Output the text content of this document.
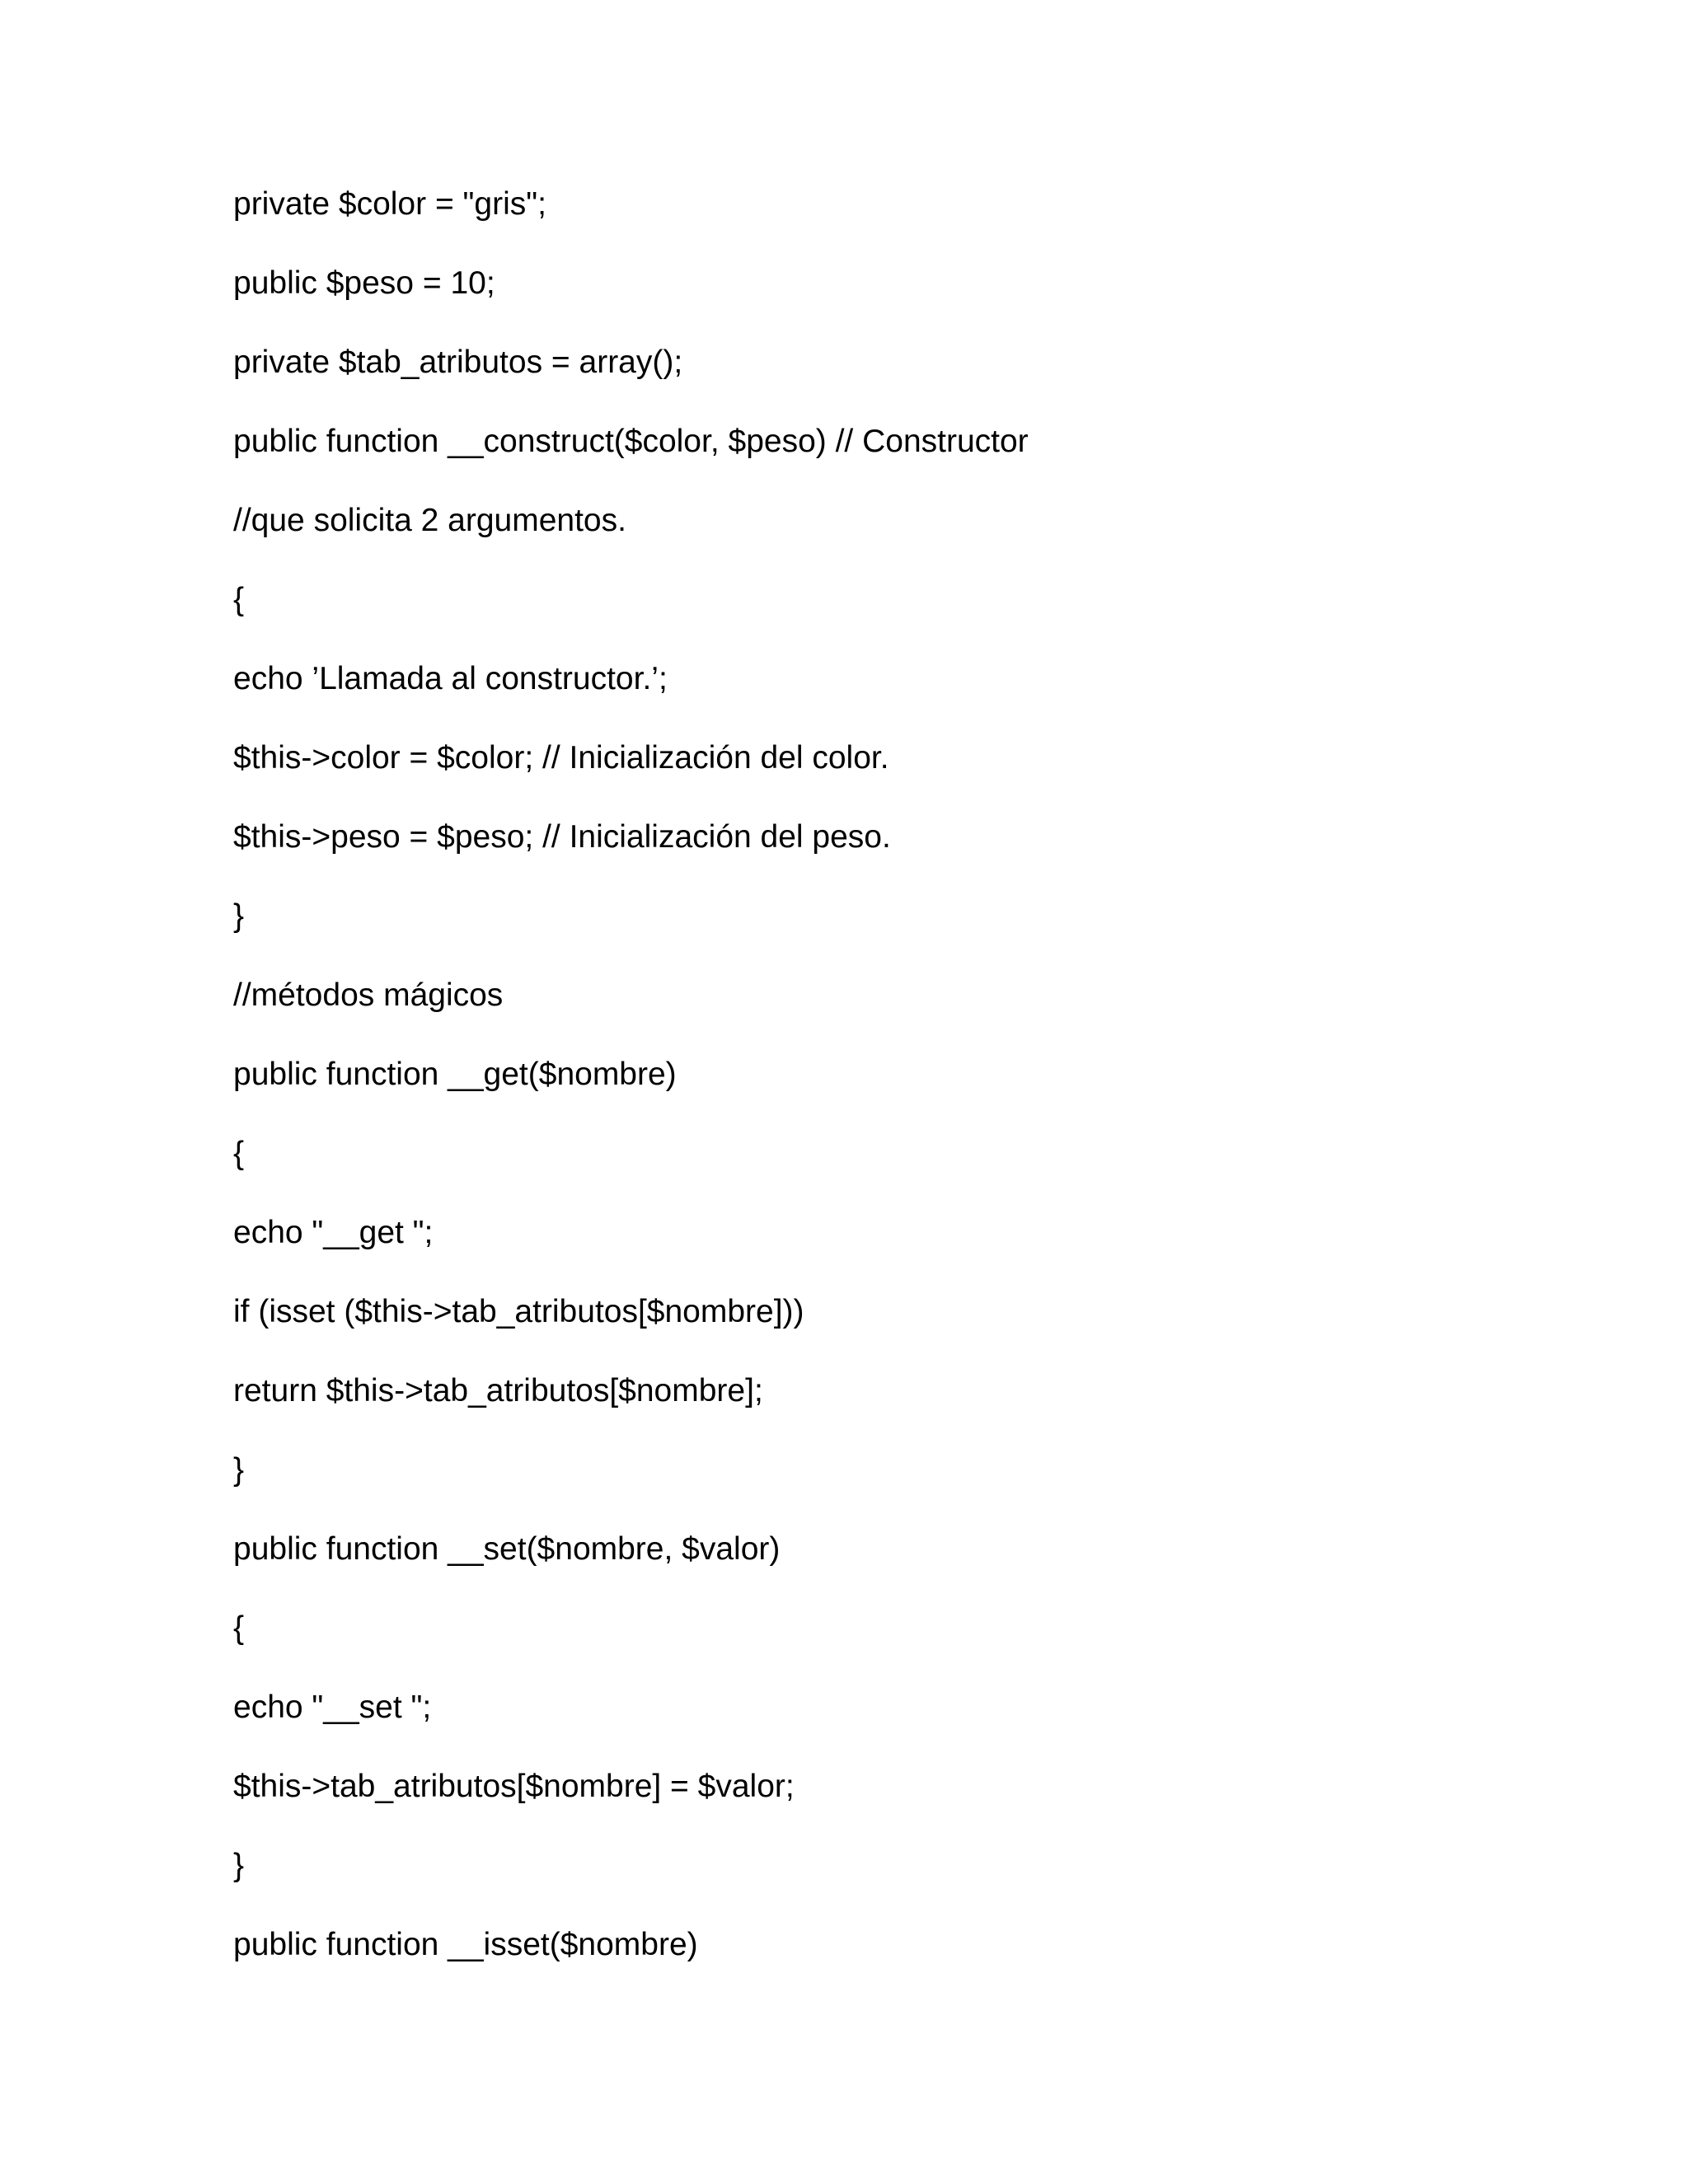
private $color = "gris";
public $peso = 10;
private $tab_atributos = array();
public function __construct($color, $peso) // Constructor
//que solicita 2 argumentos.
{
echo ’Llamada al constructor.’;
$this->color = $color; // Inicialización del color.
$this->peso = $peso; // Inicialización del peso.
}
//métodos mágicos
public function __get($nombre)
{
echo "__get ";
if (isset ($this->tab_atributos[$nombre]))
return $this->tab_atributos[$nombre];
}
public function __set($nombre, $valor)
{
echo "__set ";
$this->tab_atributos[$nombre] = $valor;
}
public function __isset($nombre)
